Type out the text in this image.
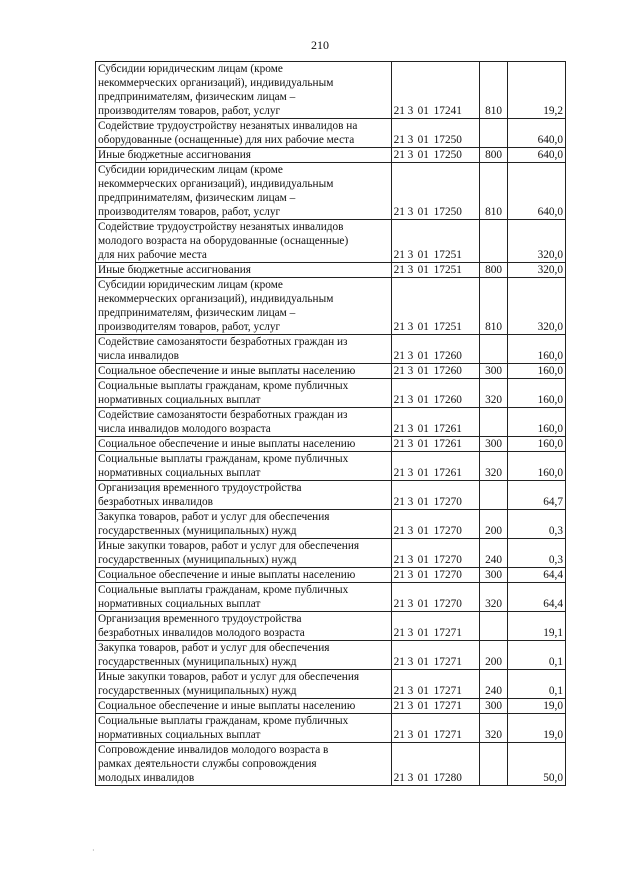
210
Субсидии юридическим лицам (кроме
некоммерческих организаций), индивидуальным
предпринимателям, физическим лицам –
производителям товаров, работ, услуг	21 3 01 17241	810	19,2

Содействие трудоустройству незанятых инвалидов на
оборудованные (оснащенные) для них рабочие места	21 3 01 17250		640,0

Иные бюджетные ассигнования	21 3 01 17250	800	640,0

Субсидии юридическим лицам (кроме
некоммерческих организаций), индивидуальным
предпринимателям, физическим лицам –
производителям товаров, работ, услуг	21 3 01 17250	810	640,0

Содействие трудоустройству незанятых инвалидов
молодого возраста на оборудованные (оснащенные)
для них рабочие места	21 3 01 17251		320,0

Иные бюджетные ассигнования	21 3 01 17251	800	320,0

Субсидии юридическим лицам (кроме
некоммерческих организаций), индивидуальным
предпринимателям, физическим лицам –
производителям товаров, работ, услуг	21 3 01 17251	810	320,0

Содействие самозанятости безработных граждан из
числа инвалидов	21 3 01 17260		160,0

Социальное обеспечение и иные выплаты населению	21 3 01 17260	300	160,0

Социальные выплаты гражданам, кроме публичных
нормативных социальных выплат	21 3 01 17260	320	160,0

Содействие самозанятости безработных граждан из
числа инвалидов молодого возраста	21 3 01 17261		160,0

Социальное обеспечение и иные выплаты населению	21 3 01 17261	300	160,0

Социальные выплаты гражданам, кроме публичных
нормативных социальных выплат	21 3 01 17261	320	160,0

Организация временного трудоустройства
безработных инвалидов	21 3 01 17270		64,7

Закупка товаров, работ и услуг для обеспечения
государственных (муниципальных) нужд	21 3 01 17270	200	0,3

Иные закупки товаров, работ и услуг для обеспечения
государственных (муниципальных) нужд	21 3 01 17270	240	0,3

Социальное обеспечение и иные выплаты населению	21 3 01 17270	300	64,4

Социальные выплаты гражданам, кроме публичных
нормативных социальных выплат	21 3 01 17270	320	64,4

Организация временного трудоустройства
безработных инвалидов молодого возраста	21 3 01 17271		19,1

Закупка товаров, работ и услуг для обеспечения
государственных (муниципальных) нужд	21 3 01 17271	200	0,1

Иные закупки товаров, работ и услуг для обеспечения
государственных (муниципальных) нужд	21 3 01 17271	240	0,1

Социальное обеспечение и иные выплаты населению	21 3 01 17271	300	19,0

Социальные выплаты гражданам, кроме публичных
нормативных социальных выплат	21 3 01 17271	320	19,0

Сопровождение инвалидов молодого возраста в
рамках деятельности службы сопровождения
молодых инвалидов	21 3 01 17280		50,0
·
